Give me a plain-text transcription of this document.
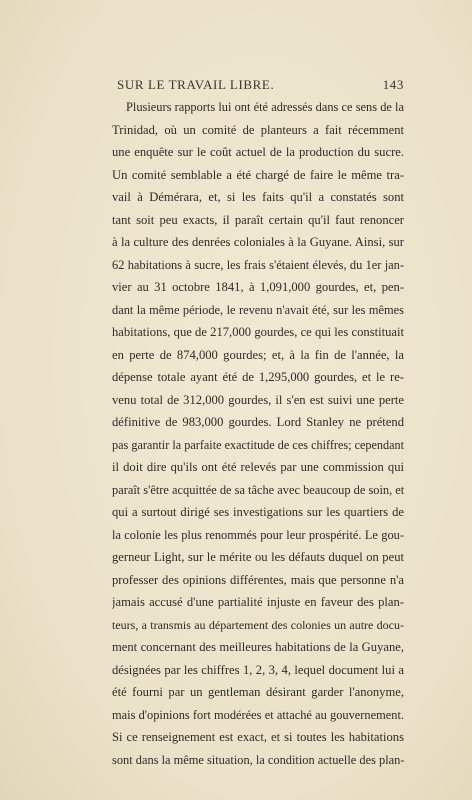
SUR LE TRAVAIL LIBRE.	143
Plusieurs rapports lui ont été adressés dans ce sens de la
Trinidad, où un comité de planteurs a fait récemment
une enquête sur le coût actuel de la production du sucre.
Un comité semblable a été chargé de faire le même tra-
vail à Démérara, et, si les faits qu'il a constatés sont
tant soit peu exacts, il paraît certain qu'il faut renoncer
à la culture des denrées coloniales à la Guyane. Ainsi, sur
62 habitations à sucre, les frais s'étaient élevés, du 1er jan-
vier au 31 octobre 1841, à 1,091,000 gourdes, et, pen-
dant la même période, le revenu n'avait été, sur les mêmes
habitations, que de 217,000 gourdes, ce qui les constituait
en perte de 874,000 gourdes; et, à la fin de l'année, la
dépense totale ayant été de 1,295,000 gourdes, et le re-
venu total de 312,000 gourdes, il s'en est suivi une perte
définitive de 983,000 gourdes. Lord Stanley ne prétend
pas garantir la parfaite exactitude de ces chiffres; cependant
il doit dire qu'ils ont été relevés par une commission qui
paraît s'être acquittée de sa tâche avec beaucoup de soin, et
qui a surtout dirigé ses investigations sur les quartiers de
la colonie les plus renommés pour leur prospérité. Le gou-
gerneur Light, sur le mérite ou les défauts duquel on peut
professer des opinions différentes, mais que personne n'a
jamais accusé d'une partialité injuste en faveur des plan-
teurs, a transmis au département des colonies un autre docu-
ment concernant des meilleures habitations de la Guyane,
désignées par les chiffres 1, 2, 3, 4, lequel document lui a
été fourni par un gentleman désirant garder l'anonyme,
mais d'opinions fort modérées et attaché au gouvernement.
Si ce renseignement est exact, et si toutes les habitations
sont dans la même situation, la condition actuelle des plan-
